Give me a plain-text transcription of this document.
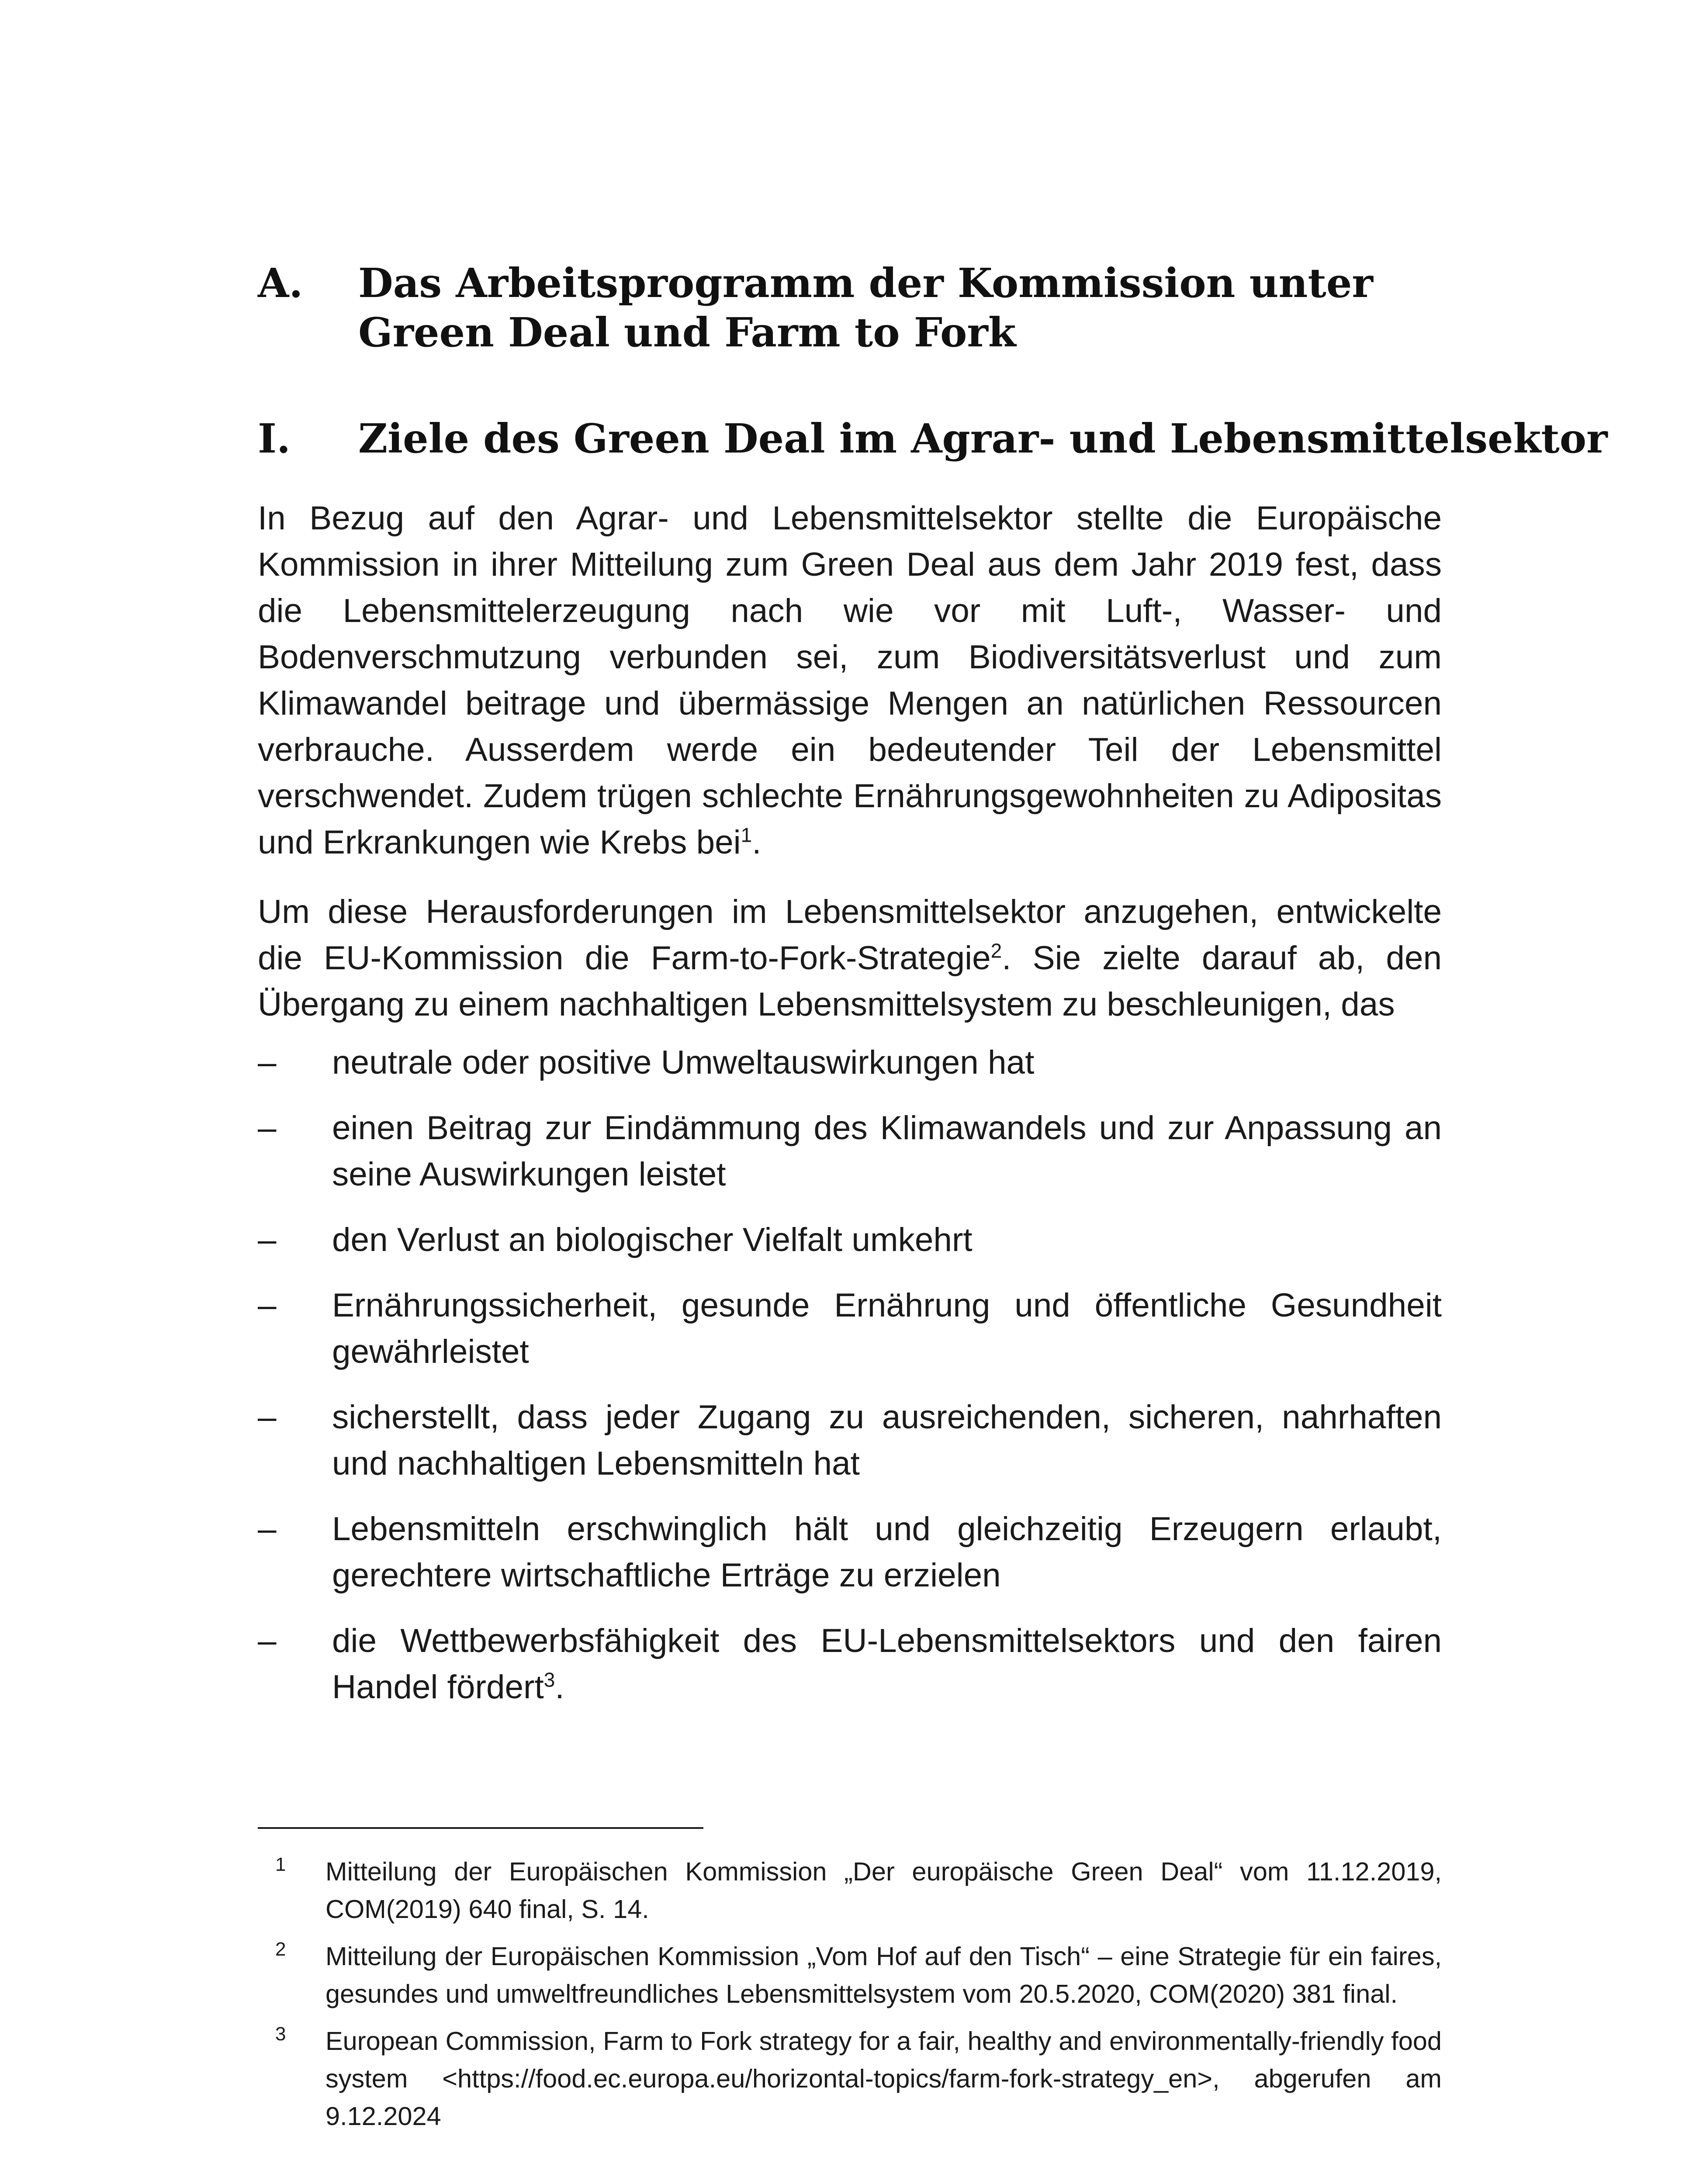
A. Das Arbeitsprogramm der Kommission unter Green Deal und Farm to Fork
I. Ziele des Green Deal im Agrar- und Lebensmittelsektor

In Bezug auf den Agrar- und Lebensmittelsektor stellte die Europäische Kommission in ihrer Mitteilung zum Green Deal aus dem Jahr 2019 fest, dass die Lebensmittelerzeugung nach wie vor mit Luft-, Wasser- und Bodenverschmutzung verbunden sei, zum Biodiversitätsverlust und zum Klimawandel beitrage und übermässige Mengen an natürlichen Ressourcen verbrauche. Ausserdem werde ein bedeutender Teil der Lebensmittel verschwendet. Zudem trügen schlechte Ernährungsgewohnheiten zu Adipositas und Erkrankungen wie Krebs bei$^1$.

Um diese Herausforderungen im Lebensmittelsektor anzugehen, entwickelte die EU-Kommission die Farm-to-Fork-Strategie$^2$. Sie zielte darauf ab, den Übergang zu einem nachhaltigen Lebensmittelsystem zu beschleunigen, das

– neutrale oder positive Umweltauswirkungen hat
– einen Beitrag zur Eindämmung des Klimawandels und zur Anpassung an seine Auswirkungen leistet
– den Verlust an biologischer Vielfalt umkehrt
– Ernährungssicherheit, gesunde Ernährung und öffentliche Gesundheit gewährleistet
– sicherstellt, dass jeder Zugang zu ausreichenden, sicheren, nahrhaften und nachhaltigen Lebensmitteln hat
– Lebensmitteln erschwinglich hält und gleichzeitig Erzeugern erlaubt, gerechtere wirtschaftliche Erträge zu erzielen
– die Wettbewerbsfähigkeit des EU-Lebensmittelsektors und den fairen Handel fördert$^3$.
1 Mitteilung der Europäischen Kommission „Der europäische Green Deal“ vom 11.12.2019, COM(2019) 640 final, S. 14.
2 Mitteilung der Europäischen Kommission „Vom Hof auf den Tisch“ – eine Strategie für ein faires, gesundes und umweltfreundliches Lebensmittelsystem vom 20.5.2020, COM(2020) 381 final.
3 European Commission, Farm to Fork strategy for a fair, healthy and environmentally-friendly food system <https://food.ec.europa.eu/horizontal-topics/farm-fork-strategy_en>, abgerufen am 9.12.2024
